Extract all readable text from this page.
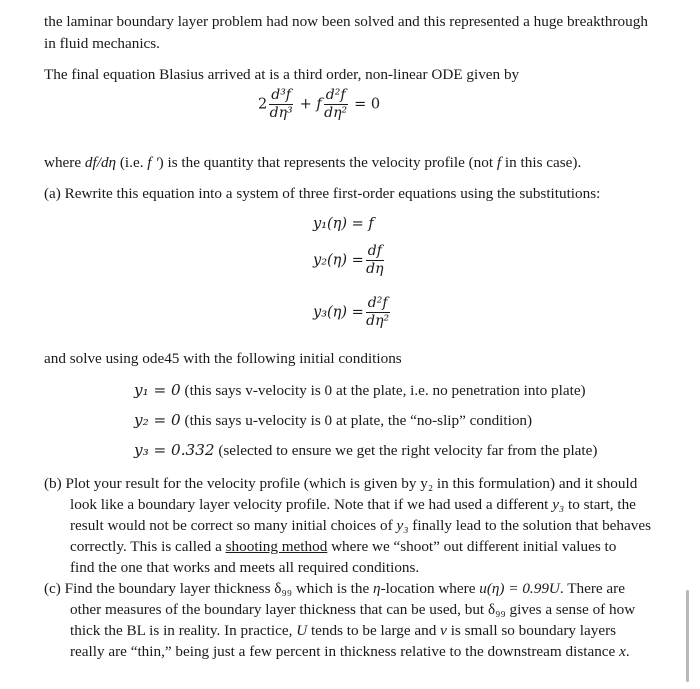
the laminar boundary layer problem had now been solved and this represented a huge breakthrough
in fluid mechanics.
The final equation Blasius arrived at is a third order, non-linear ODE given by
$2 \frac{\text{d³f}}{\text{dη³}} + f \frac{\text{d²f}}{\text{dη²}} = 0$
where df/dη (i.e. f ′) is the quantity that represents the velocity profile (not f in this case).
(a) Rewrite this equation into a system of three first-order equations using the substitutions:
y₁(η) = f
$y_2(\eta) = \frac{df}{d\eta}$
$y_3(\eta) = \frac{\text{d²f}}{\text{dη²}}$
and solve using ode45 with the following initial conditions
y₁ = 0 (this says v-velocity is 0 at the plate, i.e. no penetration into plate)
y₂ = 0 (this says u-velocity is 0 at plate, the “no-slip” condition)
y₃ = 0.332 (selected to ensure we get the right velocity far from the plate)
(b) Plot your result for the velocity profile (which is given by y₂ in this formulation) and it should
look like a boundary layer velocity profile. Note that if we had used a different y₃ to start, the
result would not be correct so many initial choices of y₃ finally lead to the solution that behaves
correctly. This is called a shooting method where we “shoot” out different initial values to
find the one that works and meets all required conditions.
(c) Find the boundary layer thickness δ₉₉ which is the η-location where u(η) = 0.99U. There are
other measures of the boundary layer thickness that can be used, but δ₉₉ gives a sense of how
thick the BL is in reality. In practice, U tends to be large and ν is small so boundary layers
really are “thin,” being just a few percent in thickness relative to the downstream distance x.
